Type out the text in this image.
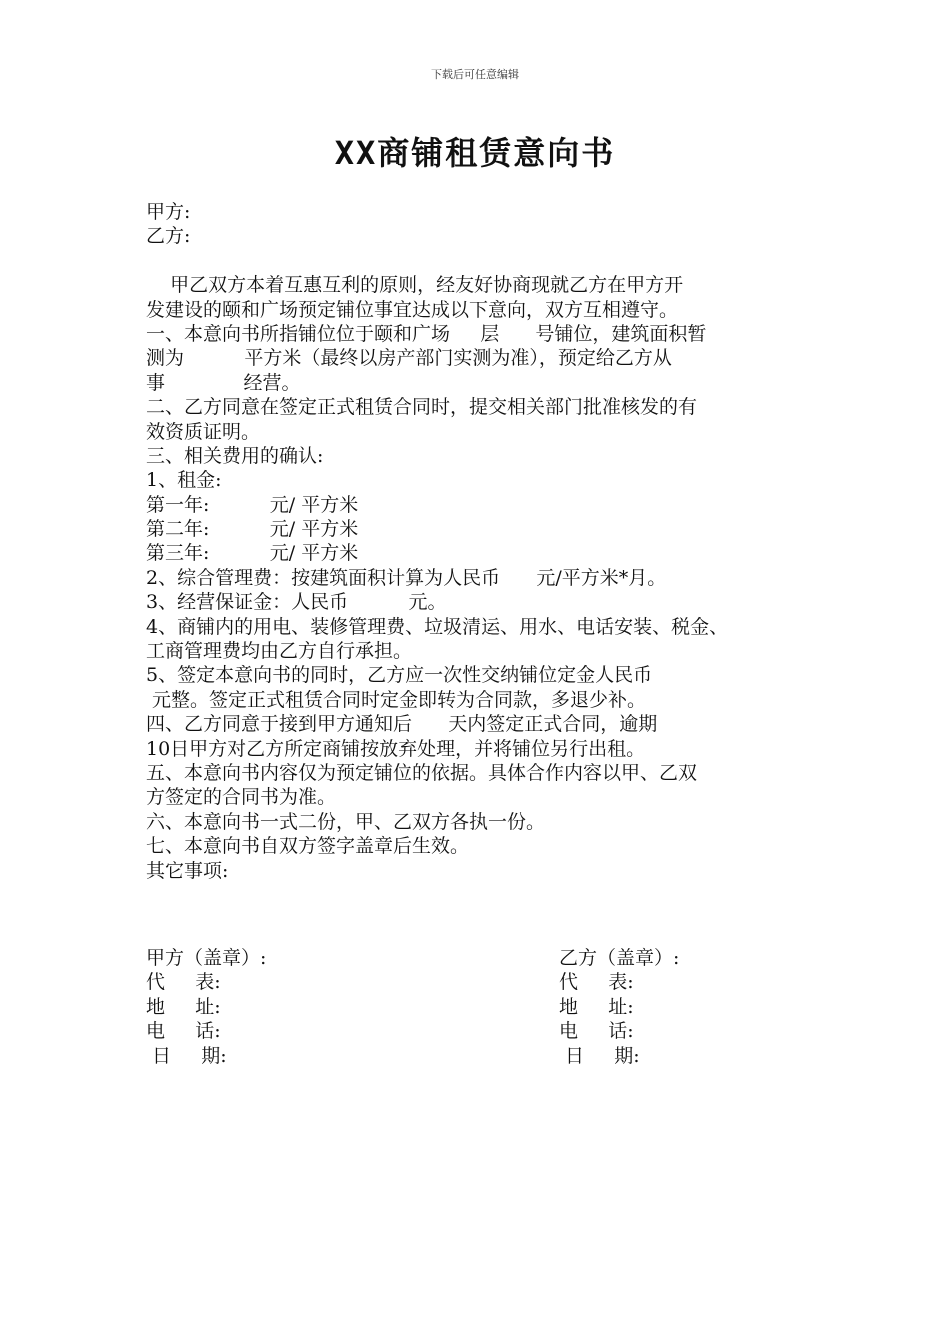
下载后可任意编辑
XX商铺租赁意向书
甲方:
乙方:
甲乙双方本着互惠互利的原则，经友好协商现就乙方在甲方开
发建设的颐和广场预定铺位事宜达成以下意向，双方互相遵守。
一、本意向书所指铺位位于颐和广场     层      号铺位，建筑面积暂
测为          平方米（最终以房产部门实测为准），预定给乙方从
事             经营。
二、乙方同意在签定正式租赁合同时，提交相关部门批准核发的有
效资质证明。
三、相关费用的确认:
1、租金:
第一年:          元/ 平方米
第二年:          元/ 平方米
第三年:          元/ 平方米
2、综合管理费：按建筑面积计算为人民币      元/平方米*月。
3、经营保证金：人民币          元。
4、商铺内的用电、装修管理费、垃圾清运、用水、电话安装、税金、
工商管理费均由乙方自行承担。
5、签定本意向书的同时，乙方应一次性交纳铺位定金人民币
元整。签定正式租赁合同时定金即转为合同款，多退少补。
四、乙方同意于接到甲方通知后      天内签定正式合同，逾期
10日甲方对乙方所定商铺按放弃处理，并将铺位另行出租。
五、本意向书内容仅为预定铺位的依据。具体合作内容以甲、乙双
方签定的合同书为准。
六、本意向书一式二份，甲、乙双方各执一份。
七、本意向书自双方签字盖章后生效。
其它事项:
甲方（盖章）:
代     表:
地     址:
电     话:
日     期:
乙方（盖章）:
代     表:
地     址:
电     话:
日     期:
